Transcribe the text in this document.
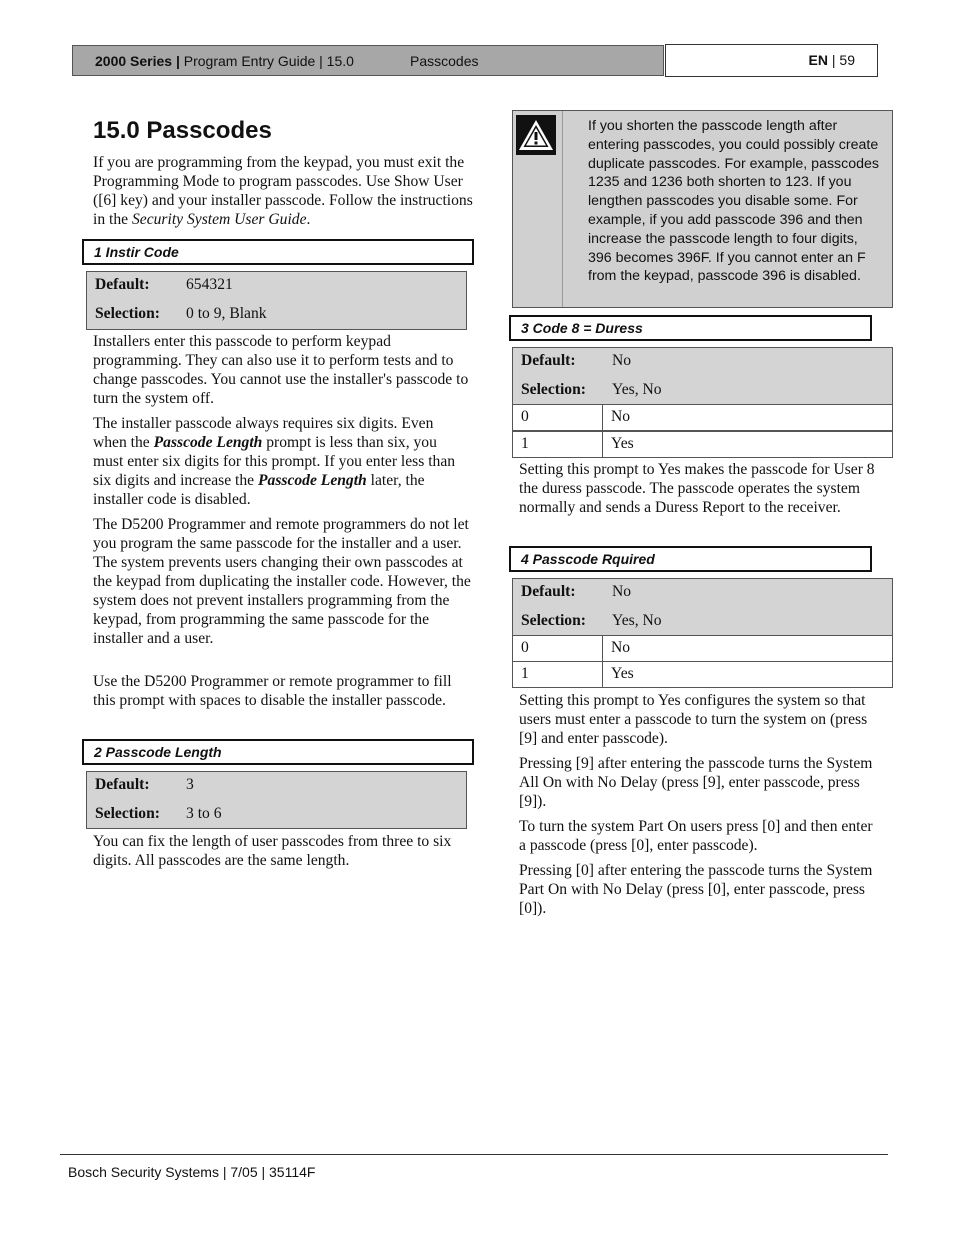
2000 Series | Program Entry Guide | 15.0	Passcodes	EN | 59
15.0 Passcodes

If you are programming from the keypad, you must exit the Programming Mode to program passcodes. Use Show User ([6] key) and your installer passcode. Follow the instructions in the Security System User Guide.

1 Instir Code
Default: 654321
Selection: 0 to 9, Blank

Installers enter this passcode to perform keypad programming. They can also use it to perform tests and to change passcodes. You cannot use the installer's passcode to turn the system off.

The installer passcode always requires six digits. Even when the Passcode Length prompt is less than six, you must enter six digits for this prompt. If you enter less than six digits and increase the Passcode Length later, the installer code is disabled.

The D5200 Programmer and remote programmers do not let you program the same passcode for the installer and a user. The system prevents users changing their own passcodes at the keypad from duplicating the installer code. However, the system does not prevent installers programming from the keypad, from programming the same passcode for the installer and a user.

Use the D5200 Programmer or remote programmer to fill this prompt with spaces to disable the installer passcode.

2 Passcode Length
Default: 3
Selection: 3 to 6

You can fix the length of user passcodes from three to six digits. All passcodes are the same length.

If you shorten the passcode length after entering passcodes, you could possibly create duplicate passcodes. For example, passcodes 1235 and 1236 both shorten to 123. If you lengthen passcodes you disable some. For example, if you add passcode 396 and then increase the passcode length to four digits, 396 becomes 396F. If you cannot enter an F from the keypad, passcode 396 is disabled.

3 Code 8 = Duress
Default: No
Selection: Yes, No
0	No
1	Yes

Setting this prompt to Yes makes the passcode for User 8 the duress passcode. The passcode operates the system normally and sends a Duress Report to the receiver.

4 Passcode Rquired
Default: No
Selection: Yes, No
0	No
1	Yes

Setting this prompt to Yes configures the system so that users must enter a passcode to turn the system on (press [9] and enter passcode).

Pressing [9] after entering the passcode turns the System All On with No Delay (press [9], enter passcode, press [9]).

To turn the system Part On users press [0] and then enter a passcode (press [0], enter passcode).

Pressing [0] after entering the passcode turns the System Part On with No Delay (press [0], enter passcode, press [0]).

Bosch Security Systems | 7/05 | 35114F
